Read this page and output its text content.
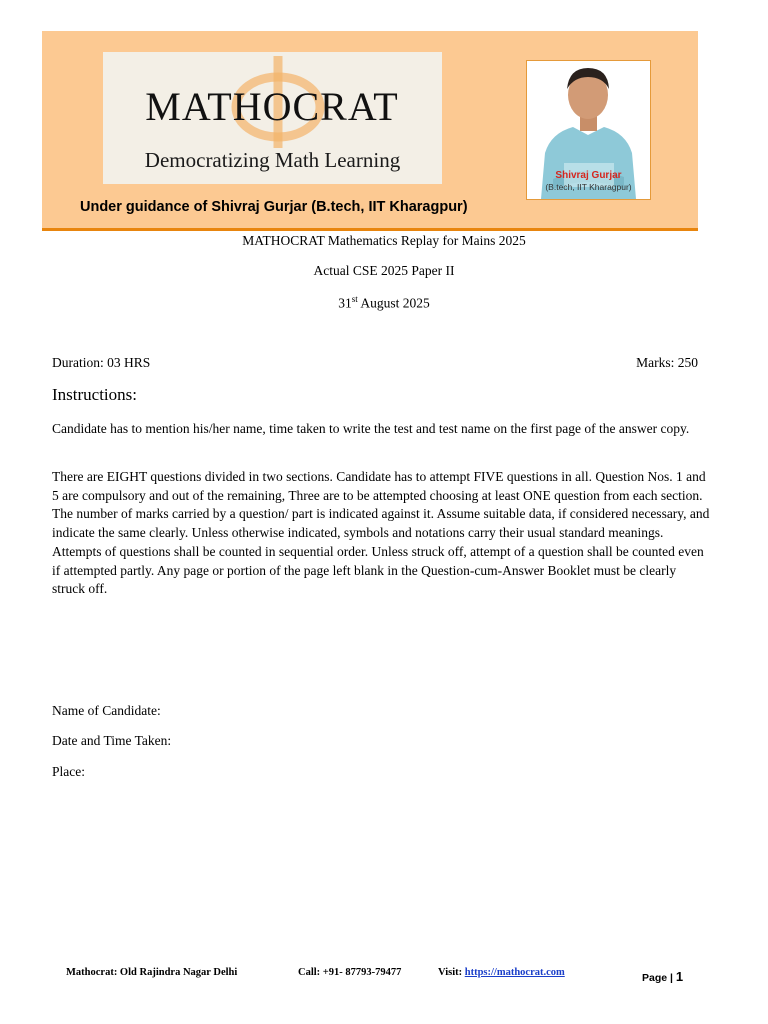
MATHOCRAT
Democratizing Math Learning
Under guidance of Shivraj Gurjar (B.tech, IIT Kharagpur)
Shivraj Gurjar
(B.tech, IIT Kharagpur)
MATHOCRAT Mathematics Replay for Mains 2025
Actual CSE 2025 Paper II
31st August 2025
Duration: 03 HRS	Marks: 250
Instructions:
Candidate has to mention his/her name, time taken to write the test and test name on the first page of the answer copy.
There are EIGHT questions divided in two sections. Candidate has to attempt FIVE questions in all. Question Nos. 1 and 5 are compulsory and out of the remaining, Three are to be attempted choosing at least ONE question from each section. The number of marks carried by a question/ part is indicated against it. Assume suitable data, if considered necessary, and indicate the same clearly. Unless otherwise indicated, symbols and notations carry their usual standard meanings. Attempts of questions shall be counted in sequential order. Unless struck off, attempt of a question shall be counted even if attempted partly. Any page or portion of the page left blank in the Question-cum-Answer Booklet must be clearly struck off.
Name of Candidate:
Date and Time Taken:
Place:
Mathocrat: Old Rajindra Nagar Delhi	Call: +91- 87793-79477	Visit: https://mathocrat.com	Page | 1
